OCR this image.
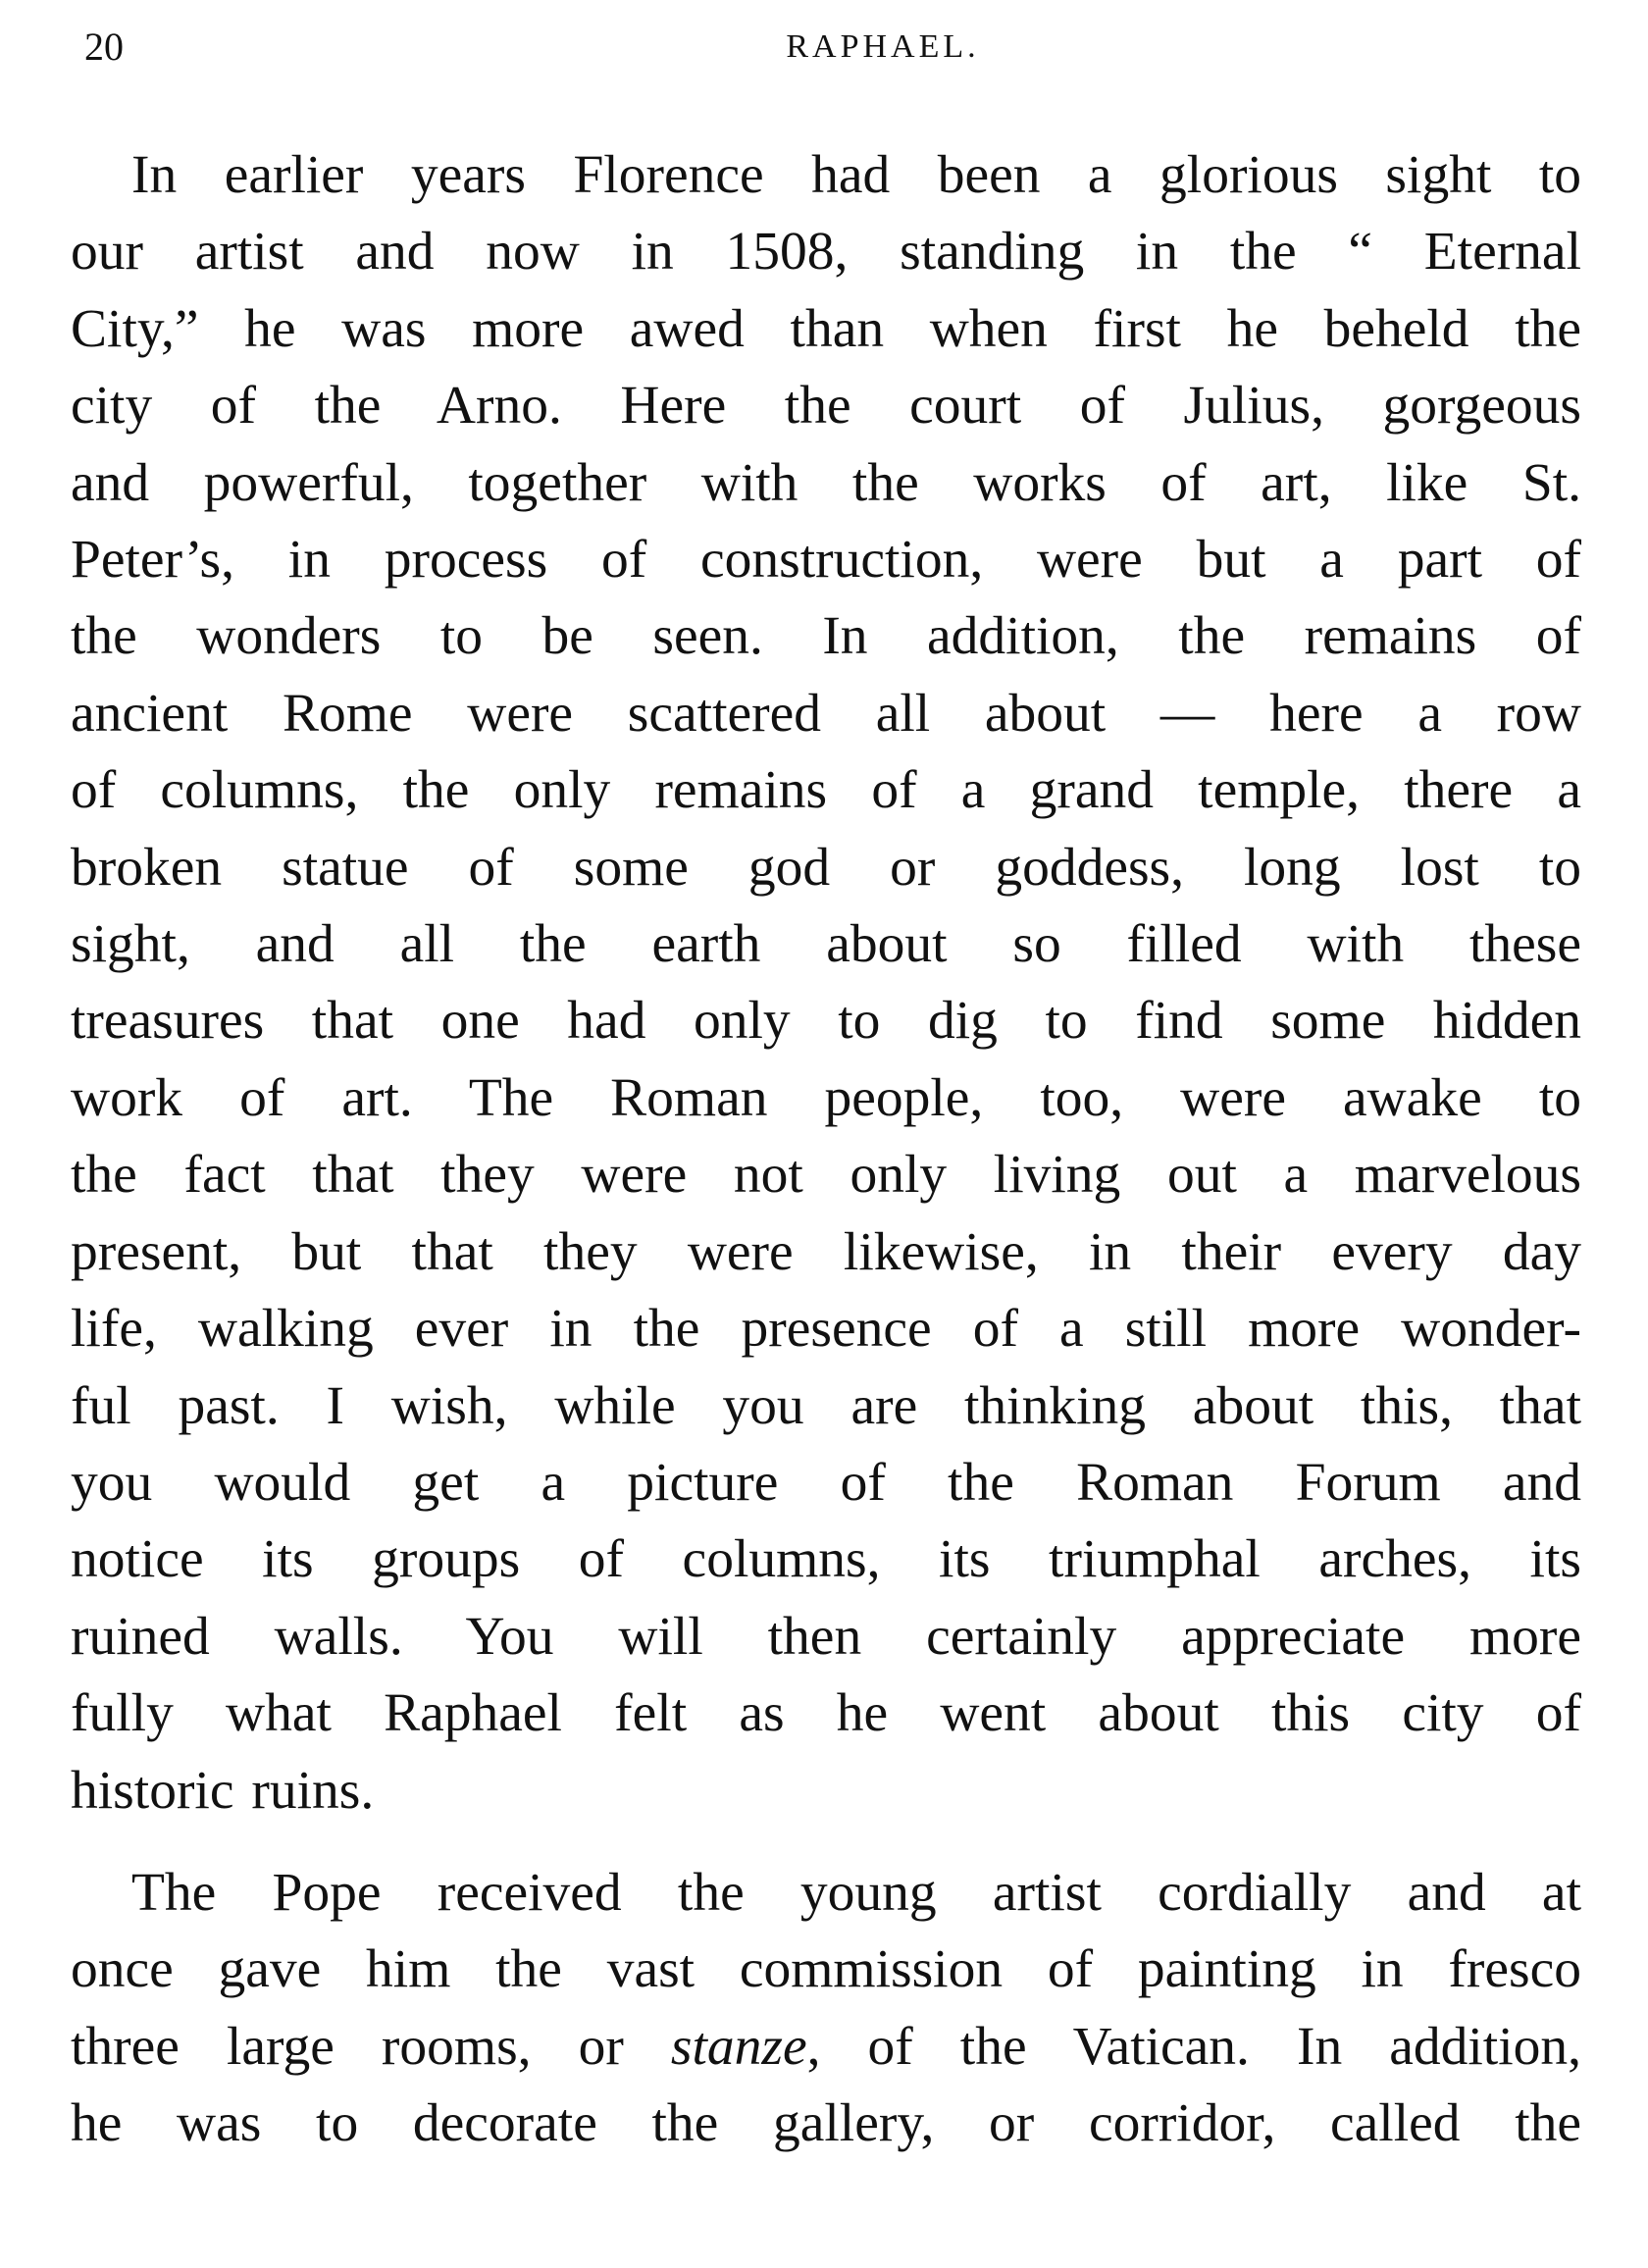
20	RAPHAEL.
In earlier years Florence had been a glorious sight to
our artist and now in 1508, standing in the “ Eternal
City,” he was more awed than when first he beheld the
city of the Arno. Here the court of Julius, gorgeous
and powerful, together with the works of art, like St.
Peter’s, in process of construction, were but a part of
the wonders to be seen. In addition, the remains of
ancient Rome were scattered all about — here a row
of columns, the only remains of a grand temple, there a
broken statue of some god or goddess, long lost to
sight, and all the earth about so filled with these
treasures that one had only to dig to find some hidden
work of art. The Roman people, too, were awake to
the fact that they were not only living out a marvelous
present, but that they were likewise, in their every day
life, walking ever in the presence of a still more wonder-
ful past. I wish, while you are thinking about this, that
you would get a picture of the Roman Forum and
notice its groups of columns, its triumphal arches, its
ruined walls. You will then certainly appreciate more
fully what Raphael felt as he went about this city of
historic ruins.
The Pope received the young artist cordially and at
once gave him the vast commission of painting in fresco
three large rooms, or stanze, of the Vatican. In addition,
he was to decorate the gallery, or corridor, called the
